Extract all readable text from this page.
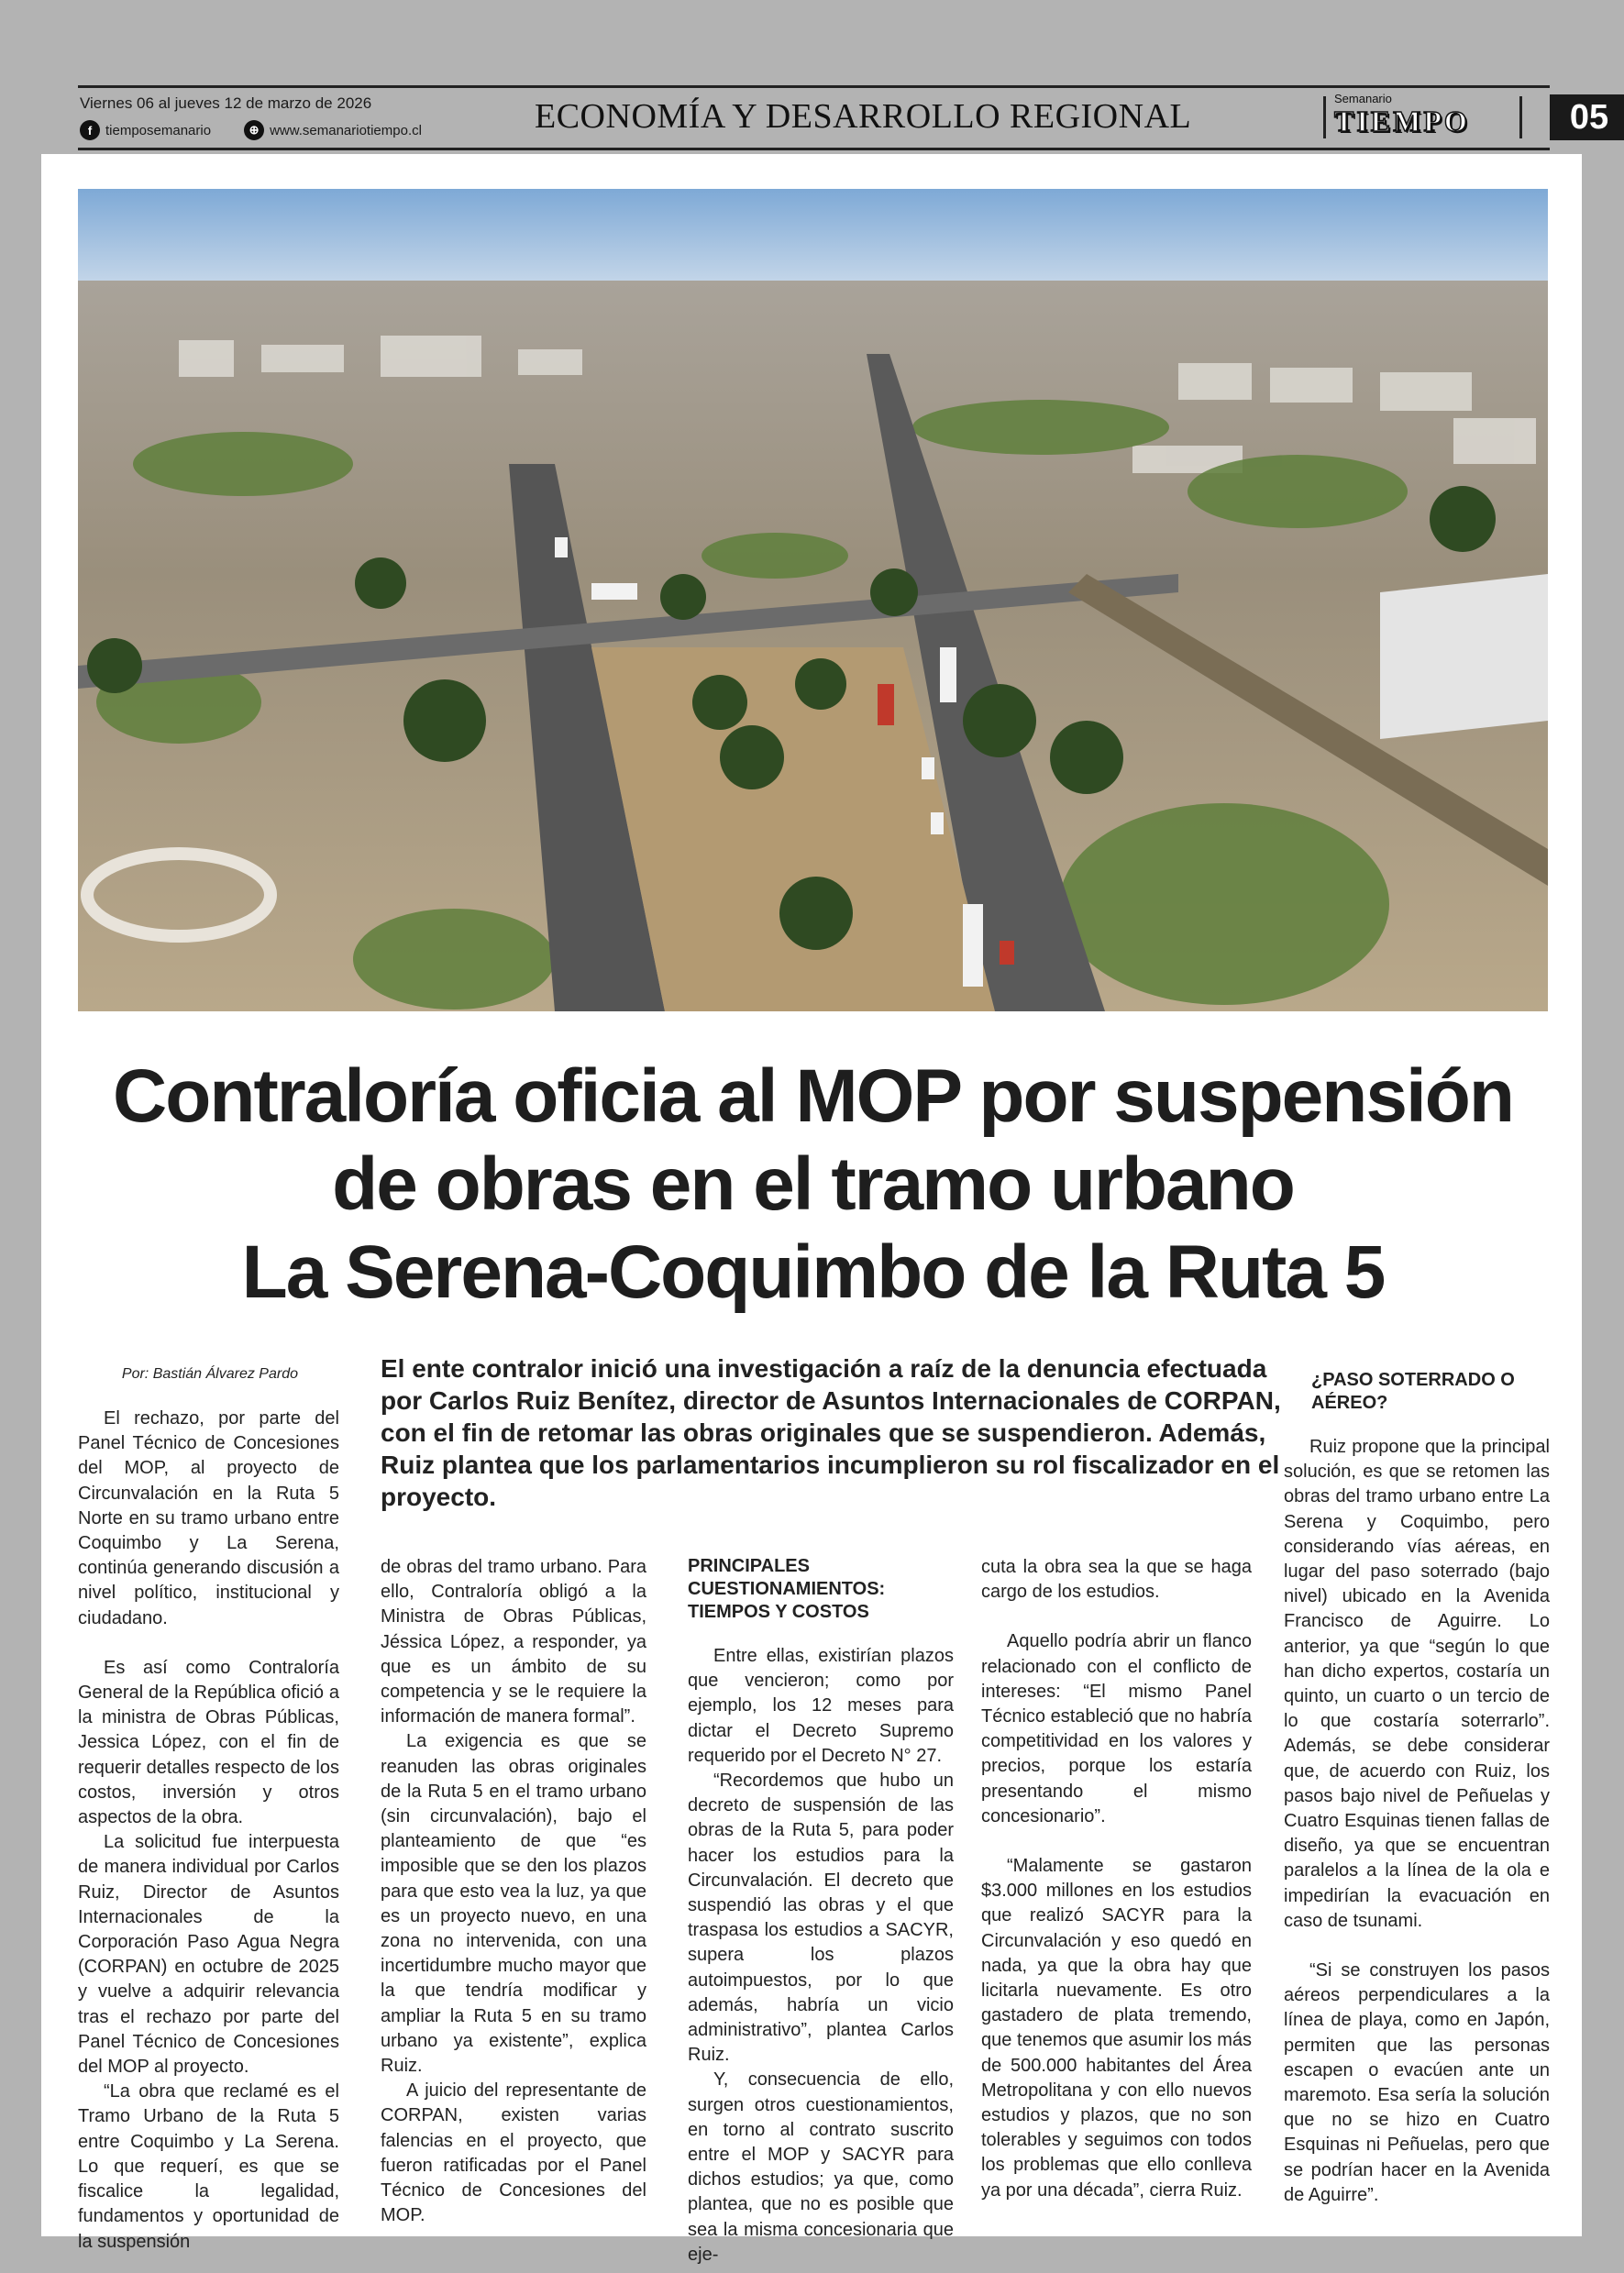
Viernes 06 al jueves 12 de marzo de 2026
f tiemposemanario	⊕ www.semanariotiempo.cl	ECONOMÍA Y DESARROLLO REGIONAL	Semanario
TIEMPO	05
Contraloría oficia al MOP por suspensión
de obras en el tramo urbano
La Serena-Coquimbo de la Ruta 5
Por: Bastián Álvarez Pardo	El ente contralor inició una investigación a raíz de la denuncia efectuada por Carlos Ruiz Benítez, director de Asuntos Internacionales de CORPAN, con el fin de retomar las obras originales que se suspendieron. Además, Ruiz plantea que los parlamentarios incumplieron su rol fiscalizador en el proyecto.

El rechazo, por parte del Panel Técnico de Concesiones del MOP, al proyecto de Circunvalación en la Ruta 5 Norte en su tramo urbano entre Coquimbo y La Serena, continúa generando discusión a nivel político, institucional y ciudadano.

Es así como Contraloría General de la República ofició a la ministra de Obras Públicas, Jessica López, con el fin de requerir detalles respecto de los costos, inversión y otros aspectos de la obra.

La solicitud fue interpuesta de manera individual por Carlos Ruiz, Director de Asuntos Internacionales de la Corporación Paso Agua Negra (CORPAN) en octubre de 2025 y vuelve a adquirir relevancia tras el rechazo por parte del Panel Técnico de Concesiones del MOP al proyecto.

“La obra que reclamé es el Tramo Urbano de la Ruta 5 entre Coquimbo y La Serena. Lo que requerí, es que se fiscalice la legalidad, fundamentos y oportunidad de la suspensión

de obras del tramo urbano. Para ello, Contraloría obligó a la Ministra de Obras Públicas, Jéssica López, a responder, ya que es un ámbito de su competencia y se le requiere la información de manera formal”.

La exigencia es que se reanuden las obras originales de la Ruta 5 en el tramo urbano (sin circunvalación), bajo el planteamiento de que “es imposible que se den los plazos para que esto vea la luz, ya que es un proyecto nuevo, en una zona no intervenida, con una incertidumbre mucho mayor que la que tendría modificar y ampliar la Ruta 5 en su tramo urbano ya existente”, explica Ruiz.

A juicio del representante de CORPAN, existen varias falencias en el proyecto, que fueron ratificadas por el Panel Técnico de Concesiones del MOP.

PRINCIPALES CUESTIONAMIENTOS: TIEMPOS Y COSTOS

Entre ellas, existirían plazos que vencieron; como por ejemplo, los 12 meses para dictar el Decreto Supremo requerido por el Decreto N° 27.

“Recordemos que hubo un decreto de suspensión de las obras de la Ruta 5, para poder hacer los estudios para la Circunvalación. El decreto que suspendió las obras y el que traspasa los estudios a SACYR, supera los plazos autoimpuestos, por lo que además, habría un vicio administrativo”, plantea Carlos Ruiz.

Y, consecuencia de ello, surgen otros cuestionamientos, en torno al contrato suscrito entre el MOP y SACYR para dichos estudios; ya que, como plantea, que no es posible que sea la misma concesionaria que eje-

cuta la obra sea la que se haga cargo de los estudios.

Aquello podría abrir un flanco relacionado con el conflicto de intereses: “El mismo Panel Técnico estableció que no habría competitividad en los valores y precios, porque los estaría presentando el mismo concesionario”.

“Malamente se gastaron $3.000 millones en los estudios que realizó SACYR para la Circunvalación y eso quedó en nada, ya que la obra hay que licitarla nuevamente. Es otro gastadero de plata tremendo, que tenemos que asumir los más de 500.000 habitantes del Área Metropolitana y con ello nuevos estudios y plazos, que no son tolerables y seguimos con todos los problemas que ello conlleva ya por una década”, cierra Ruiz.

¿PASO SOTERRADO O AÉREO?

Ruiz propone que la principal solución, es que se retomen las obras del tramo urbano entre La Serena y Coquimbo, pero considerando vías aéreas, en lugar del paso soterrado (bajo nivel) ubicado en la Avenida Francisco de Aguirre. Lo anterior, ya que “según lo que han dicho expertos, costaría un quinto, un cuarto o un tercio de lo que costaría soterrarlo”. Además, se debe considerar que, de acuerdo con Ruiz, los pasos bajo nivel de Peñuelas y Cuatro Esquinas tienen fallas de diseño, ya que se encuentran paralelos a la línea de la ola e impedirían la evacuación en caso de tsunami.

“Si se construyen los pasos aéreos perpendiculares a la línea de playa, como en Japón, permiten que las personas escapen o evacúen ante un maremoto. Esa sería la solución que no se hizo en Cuatro Esquinas ni Peñuelas, pero que se podrían hacer en la Avenida de Aguirre”.
